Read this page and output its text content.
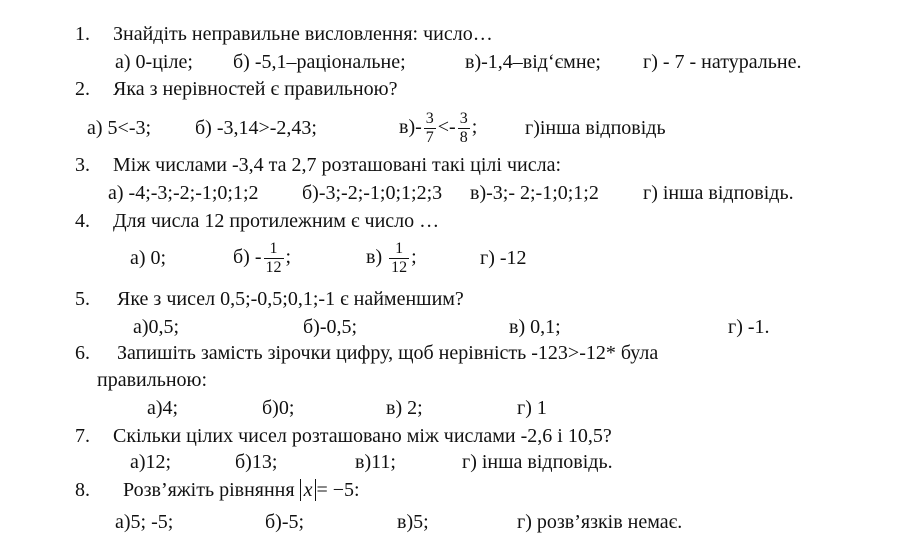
1. Знайдіть неправильне висловлення: число…
а) 0-ціле; б) -5,1–раціональне;	в)-1,4–від‘ємне; г) - 7 - натуральне.
2. Яка з нерівностей є правильною?
а) 5<-3; б) -3,14>-2,43;	$в)- \frac{3}{7} <- \frac{3}{8}$ ; г)інша відповідь
3. Між числами -3,4 та 2,7 розташовані такі цілі числа:
а) -4;-3;-2;-1;0;1;2 б)-3;-2;-1;0;1;2;3 в)-3;- 2;-1;0;1;2 г) інша відповідь.
4. Для числа 12 протилежним є число …
а) 0;	$б) - \frac{1}{12}$ ;	$в) \frac{1}{12}$ ;	г) -12
5. Яке з чисел 0,5;-0,5;0,1;-1 є найменшим?
а)0,5;	б)-0,5;	в) 0,1;	г) -1.
6. Запишіть замість зірочки цифру, щоб нерівність -123>-12* була
правильною:
а)4;	б)0;	в) 2;	г) 1
7. Скільки цілих чисел розташовано між числами -2,6 і 10,5?
а)12;	б)13;	в)11;	г) інша відповідь.
8. Розв’яжіть рівняння x = −5:
а)5; -5;	б)-5;	в)5;	г) розв’язків немає.
